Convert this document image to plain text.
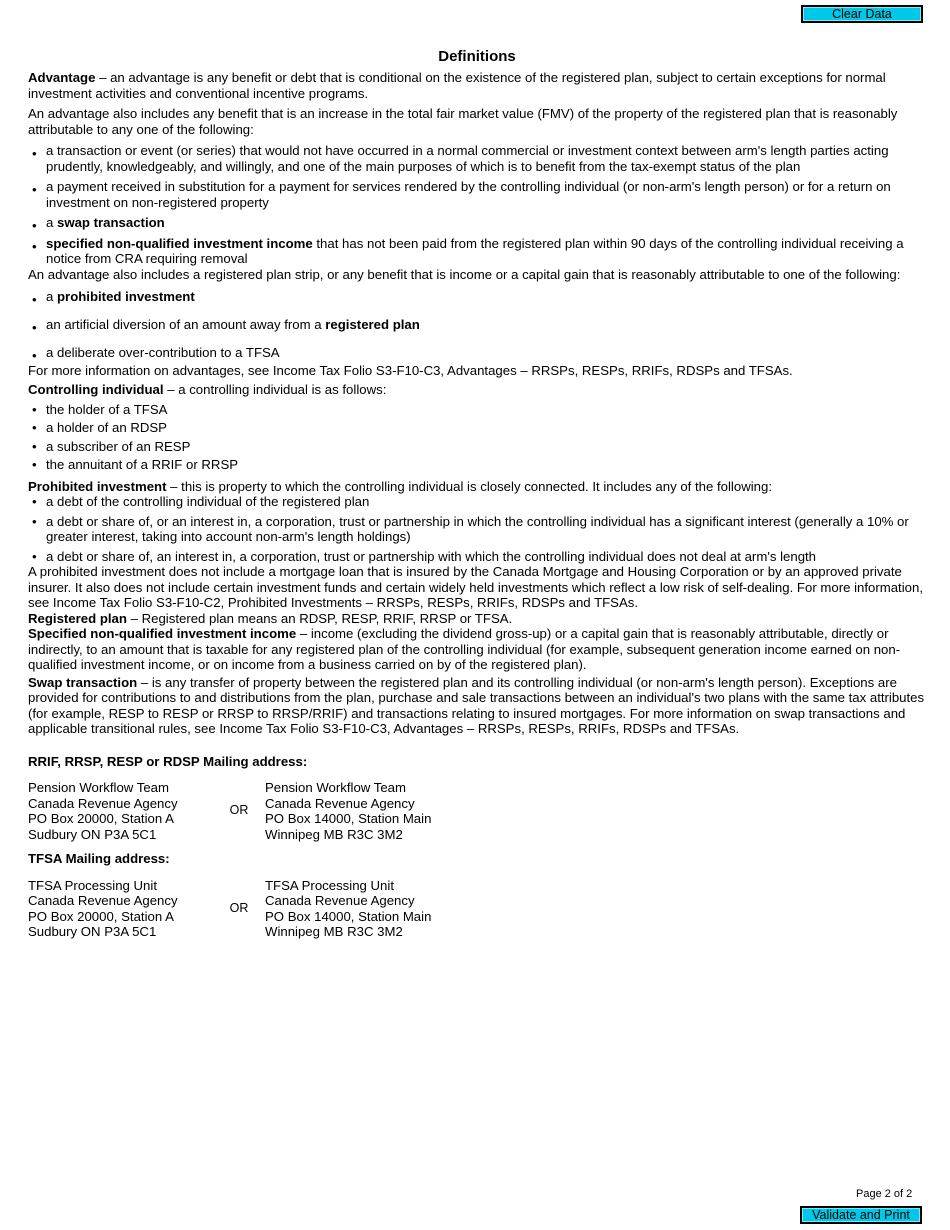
Clear Data
Definitions

Advantage – an advantage is any benefit or debt that is conditional on the existence of the registered plan, subject to certain exceptions for normal investment activities and conventional incentive programs.

An advantage also includes any benefit that is an increase in the total fair market value (FMV) of the property of the registered plan that is reasonably attributable to any one of the following:

• a transaction or event (or series) that would not have occurred in a normal commercial or investment context between arm's length parties acting prudently, knowledgeably, and willingly, and one of the main purposes of which is to benefit from the tax-exempt status of the plan
• a payment received in substitution for a payment for services rendered by the controlling individual (or non-arm's length person) or for a return on investment on non-registered property
• a swap transaction
• specified non-qualified investment income that has not been paid from the registered plan within 90 days of the controlling individual receiving a notice from CRA requiring removal

An advantage also includes a registered plan strip, or any benefit that is income or a capital gain that is reasonably attributable to one of the following:

• a prohibited investment
• an artificial diversion of an amount away from a registered plan
• a deliberate over-contribution to a TFSA

For more information on advantages, see Income Tax Folio S3-F10-C3, Advantages – RRSPs, RESPs, RRIFs, RDSPs and TFSAs.

Controlling individual – a controlling individual is as follows:

• the holder of a TFSA
• a holder of an RDSP
• a subscriber of an RESP
• the annuitant of a RRIF or RRSP

Prohibited investment – this is property to which the controlling individual is closely connected. It includes any of the following:

• a debt of the controlling individual of the registered plan
• a debt or share of, or an interest in, a corporation, trust or partnership in which the controlling individual has a significant interest (generally a 10% or greater interest, taking into account non-arm's length holdings)
• a debt or share of, an interest in, a corporation, trust or partnership with which the controlling individual does not deal at arm's length

A prohibited investment does not include a mortgage loan that is insured by the Canada Mortgage and Housing Corporation or by an approved private insurer. It also does not include certain investment funds and certain widely held investments which reflect a low risk of self-dealing. For more information, see Income Tax Folio S3-F10-C2, Prohibited Investments – RRSPs, RESPs, RRIFs, RDSPs and TFSAs.

Registered plan – Registered plan means an RDSP, RESP, RRIF, RRSP or TFSA.

Specified non-qualified investment income – income (excluding the dividend gross-up) or a capital gain that is reasonably attributable, directly or indirectly, to an amount that is taxable for any registered plan of the controlling individual (for example, subsequent generation income earned on non-qualified investment income, or on income from a business carried on by of the registered plan).

Swap transaction – is any transfer of property between the registered plan and its controlling individual (or non-arm's length person). Exceptions are provided for contributions to and distributions from the plan, purchase and sale transactions between an individual's two plans with the same tax attributes (for example, RESP to RESP or RRSP to RRSP/RRIF) and transactions relating to insured mortgages. For more information on swap transactions and applicable transitional rules, see Income Tax Folio S3-F10-C3, Advantages – RRSPs, RESPs, RRIFs, RDSPs and TFSAs.

RRIF, RRSP, RESP or RDSP Mailing address:

Pension Workflow Team
Canada Revenue Agency
PO Box 20000, Station A
Sudbury ON P3A 5C1
OR
Pension Workflow Team
Canada Revenue Agency
PO Box 14000, Station Main
Winnipeg MB R3C 3M2

TFSA Mailing address:

TFSA Processing Unit
Canada Revenue Agency
PO Box 20000, Station A
Sudbury ON P3A 5C1
OR
TFSA Processing Unit
Canada Revenue Agency
PO Box 14000, Station Main
Winnipeg MB R3C 3M2
Page 2 of 2
Validate and Print
